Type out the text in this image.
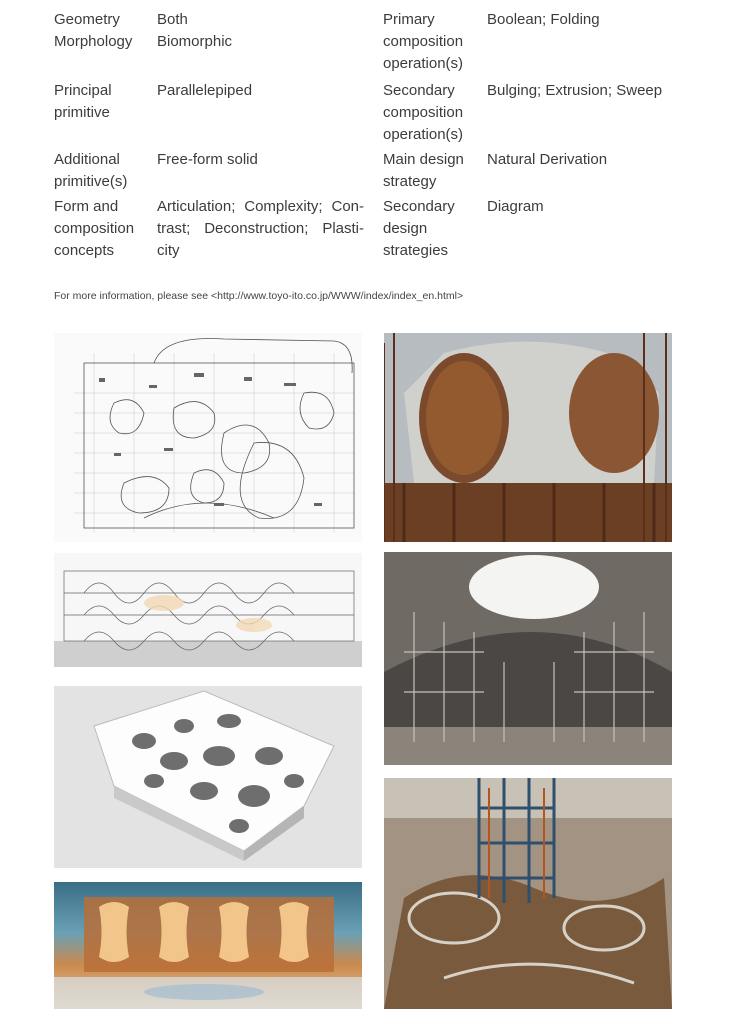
Geometry Morphology
Both Biomorphic
Primary composition operation(s)
Boolean; Folding
Principal primitive
Parallelepiped	Secondary composition operation(s)
Bulging; Extrusion; Sweep
Additional primitive(s)
Free-form solid	Main design strategy
Natural Derivation
Form and composition concepts
Articulation; Complexity; Con- trast; Deconstruction; Plasti- city
Secondary design strategies
Diagram
For more information, please see <http://www.toyo-ito.co.jp/WWW/index/index_en.html>
